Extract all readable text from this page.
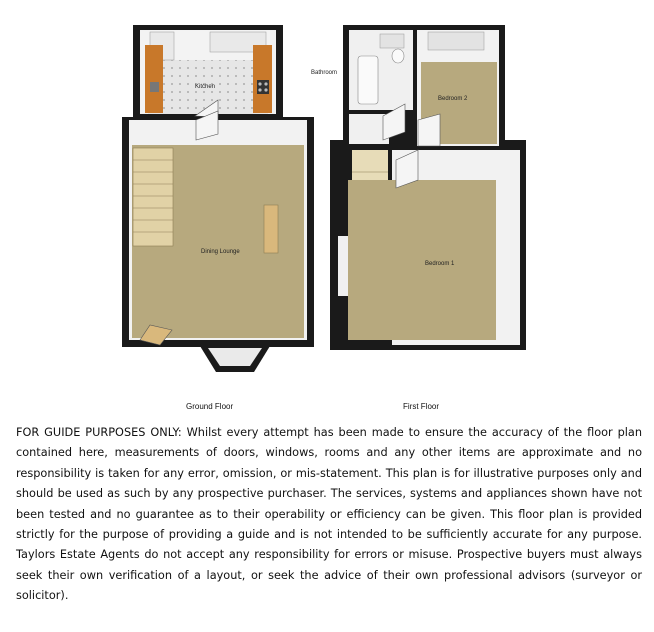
Kitchen
Dining Lounge
Bathroom
Bedroom 2
Bedroom 1
Ground Floor	First Floor

FOR GUIDE PURPOSES ONLY: Whilst every attempt has been made to ensure the accuracy of the floor plan contained here, measurements of doors, windows, rooms and any other items are approximate and no responsibility is taken for any error, omission, or mis-statement. This plan is for illustrative purposes only and should be used as such by any prospective purchaser. The services, systems and appliances shown have not been tested and no guarantee as to their operability or efficiency can be given. This floor plan is provided strictly for the purpose of providing a guide and is not intended to be sufficiently accurate for any purpose. Taylors Estate Agents do not accept any responsibility for errors or misuse. Prospective buyers must always seek their own verification of a layout, or seek the advice of their own professional advisors (surveyor or solicitor).
